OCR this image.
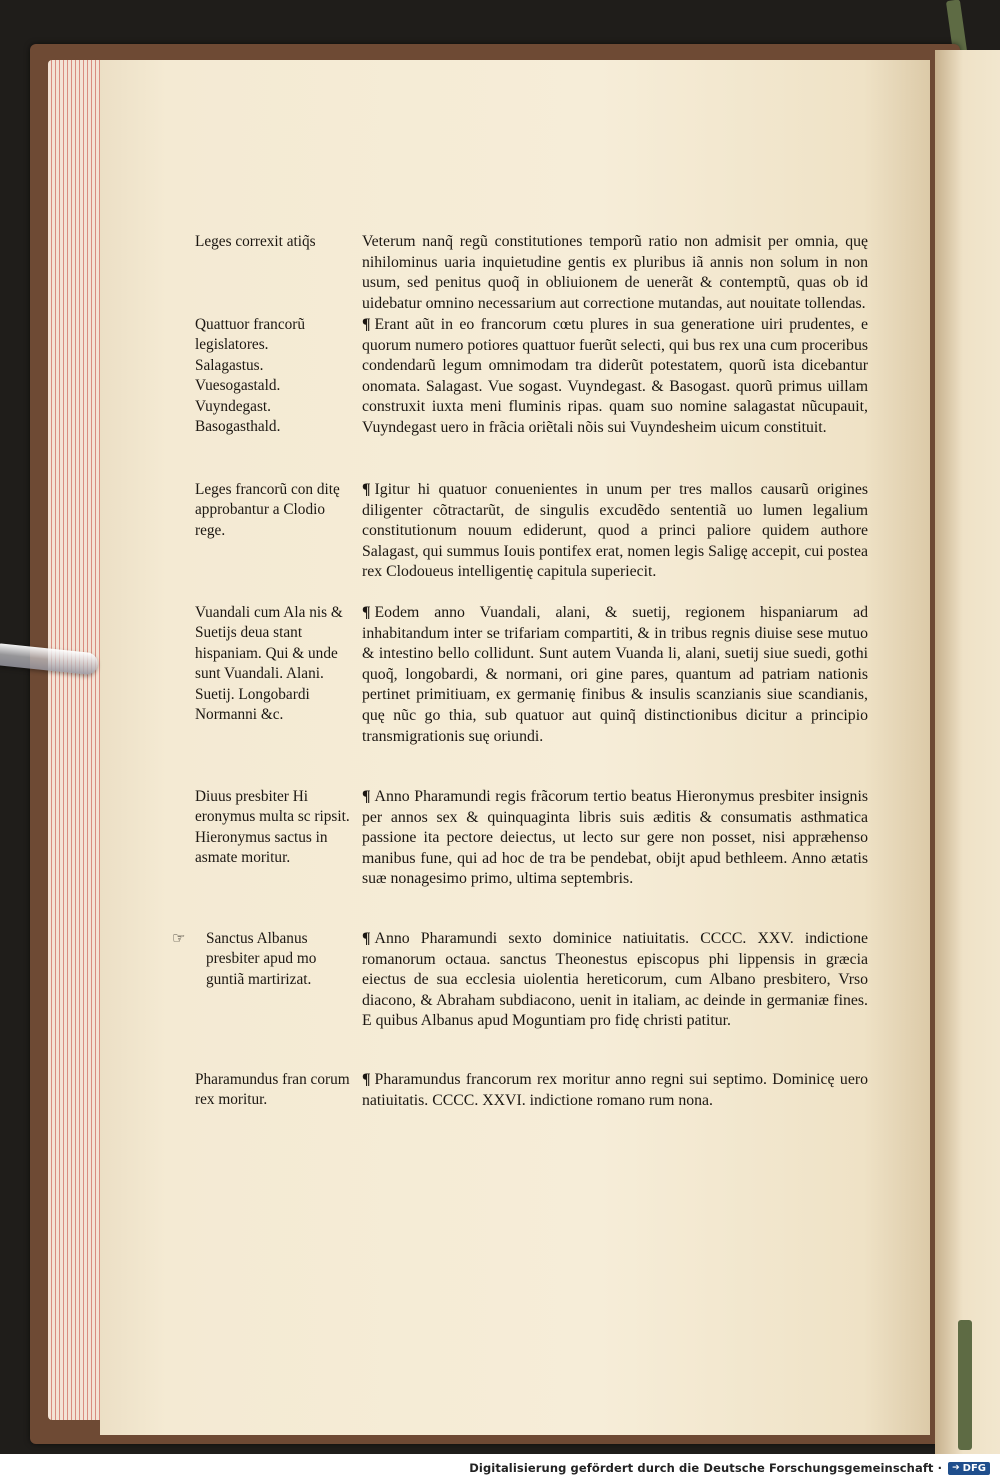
Leges correxit atiq̃s	Veterum nanq̃ regũ constitutiones temporũ ratio non admisit per omnia, quę nihilominus uaria inquietudine gentis ex pluribus iã annis non solum in non usum, sed penitus quoq̃ in obliuionem de uenerãt & contemptũ, quas ob id uidebatur omnino necessarium aut correctione mutandas, aut nouitate tollendas.

Quattuor francorũ legislatores. Salagastus. Vuesogastald. Vuyndegast. Basogasthald.

¶ Erant aũt in eo francorum cœtu plures in sua generatione uiri prudentes, e quorum numero potiores quattuor fuerũt selecti, qui bus rex una cum proceribus condendarũ legum omnimodam tra diderũt potestatem, quorũ ista dicebantur onomata. Salagast. Vue sogast. Vuyndegast. & Basogast. quorũ primus uillam construxit iuxta meni fluminis ripas. quam suo nomine salagastat nũcupauit, Vuyndegast uero in frãcia oriẽtali nõis sui Vuyndesheim uicum constituit.

Leges francorũ con ditę approbantur a Clodio rege.

¶ Igitur hi quatuor conuenientes in unum per tres mallos causarũ origines diligenter cõtractarũt, de singulis excudẽdo sententiã uo lumen legalium constitutionum nouum ediderunt, quod a princi paliore quidem authore Salagast, qui summus Iouis pontifex erat, nomen legis Saligę accepit, cui postea rex Clodoueus intelligentię capitula superiecit.

Vuandali cum Ala nis & Suetijs deua stant hispaniam. Qui & unde sunt Vuandali. Alani. Suetij. Longobardi Normanni &c.

¶ Eodem anno Vuandali, alani, & suetij, regionem hispaniarum ad inhabitandum inter se trifariam compartiti, & in tribus regnis diuise sese mutuo & intestino bello collidunt. Sunt autem Vuanda li, alani, suetij siue suedi, gothi quoq̃, longobardi, & normani, ori gine pares, quantum ad patriam nationis pertinet primitiuam, ex germanię finibus & insulis scanzianis siue scandianis, quę nũc go thia, sub quatuor aut quinq̃ distinctionibus dicitur a principio transmigrationis suę oriundi.

Diuus presbiter Hi eronymus multa sc ripsit. Hieronymus sactus in asmate moritur.

¶ Anno Pharamundi regis frãcorum tertio beatus Hieronymus presbiter insignis per annos sex & quinquaginta libris suis æditis & consumatis asthmatica passione ita pectore deiectus, ut lecto sur gere non posset, nisi appræhenso manibus fune, qui ad hoc de tra be pendebat, obijt apud bethleem. Anno ætatis suæ nonagesimo primo, ultima septembris.

☞ Sanctus Albanus presbiter apud mo guntiã martirizat.

¶ Anno Pharamundi sexto dominice natiuitatis. CCCC. XXV. indictione romanorum octaua. sanctus Theonestus episcopus phi lippensis in græcia eiectus de sua ecclesia uiolentia hereticorum, cum Albano presbitero, Vrso diacono, & Abraham subdiacono, uenit in italiam, ac deinde in germaniæ fines. E quibus Albanus apud Moguntiam pro fidę christi patitur.

Pharamundus fran corum rex moritur.

¶ Pharamundus francorum rex moritur anno regni sui septimo. Dominicę uero natiuitatis. CCCC. XXVI. indictione romano rum nona.

Digitalisierung gefördert durch die Deutsche Forschungsgemeinschaft · ➔ DFG
